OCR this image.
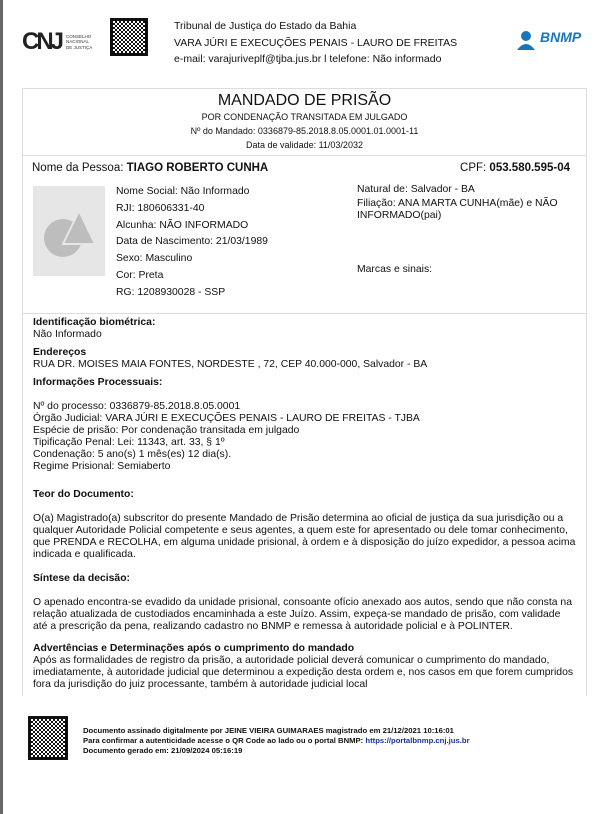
CNJ CONSELHO
NACIONAL
DE JUSTIÇA
Tribunal de Justiça do Estado da Bahia
VARA JÚRI E EXECUÇÕES PENAIS - LAURO DE FREITAS
e-mail: varajuriveplf@tjba.jus.br l telefone: Não informado
BNMP
MANDADO DE PRISÃO

POR CONDENAÇÃO TRANSITADA EM JULGADO

Nº do Mandado: 0336879-85.2018.8.05.0001.01.0001-11

Data de validade: 11/03/2032

Nome da Pessoa: TIAGO ROBERTO CUNHA	CPF: 053.580.595-04
Nome Social: Não Informado
RJI: 180606331-40
Alcunha: NÃO INFORMADO
Data de Nascimento: 21/03/1989
Sexo: Masculino
Cor: Preta
RG: 1208930028 - SSP
Natural de: Salvador - BA
Filiação: ANA MARTA CUNHA(mãe) e NÃO INFORMADO(pai)
Marcas e sinais:
Identificação biométrica:
Não Informado
Endereços
RUA DR. MOISES MAIA FONTES, NORDESTE , 72, CEP 40.000-000, Salvador - BA
Informações Processuais:
Nº do processo: 0336879-85.2018.8.05.0001
Órgão Judicial: VARA JÚRI E EXECUÇÕES PENAIS - LAURO DE FREITAS - TJBA
Espécie de prisão: Por condenação transitada em julgado
Tipificação Penal: Lei: 11343, art. 33, § 1º
Condenação: 5 ano(s) 1 mês(es) 12 dia(s).
Regime Prisional: Semiaberto
Teor do Documento:
O(a) Magistrado(a) subscritor do presente Mandado de Prisão determina ao oficial de justiça da sua jurisdição ou a qualquer Autoridade Policial competente e seus agentes, a quem este for apresentado ou dele tomar conhecimento, que PRENDA e RECOLHA, em alguma unidade prisional, à ordem e à disposição do juízo expedidor, a pessoa acima indicada e qualificada.
Síntese da decisão:
O apenado encontra-se evadido da unidade prisional, consoante ofício anexado aos autos, sendo que não consta na relação atualizada de custodiados encaminhada a este Juízo. Assim, expeça-se mandado de prisão, com validade até a prescrição da pena, realizando cadastro no BNMP e remessa à autoridade policial e à POLINTER.
Advertências e Determinações após o cumprimento do mandado
Após as formalidades de registro da prisão, a autoridade policial deverá comunicar o cumprimento do mandado, imediatamente, à autoridade judicial que determinou a expedição desta ordem e, nos casos em que forem cumpridos fora da jurisdição do juiz processante, também à autoridade judicial local
Documento assinado digitalmente por JEINE VIEIRA GUIMARAES magistrado em 21/12/2021 10:16:01
Para confirmar a autenticidade acesse o QR Code ao lado ou o portal BNMP: https://portalbnmp.cnj.jus.br
Documento gerado em: 21/09/2024 05:16:19
